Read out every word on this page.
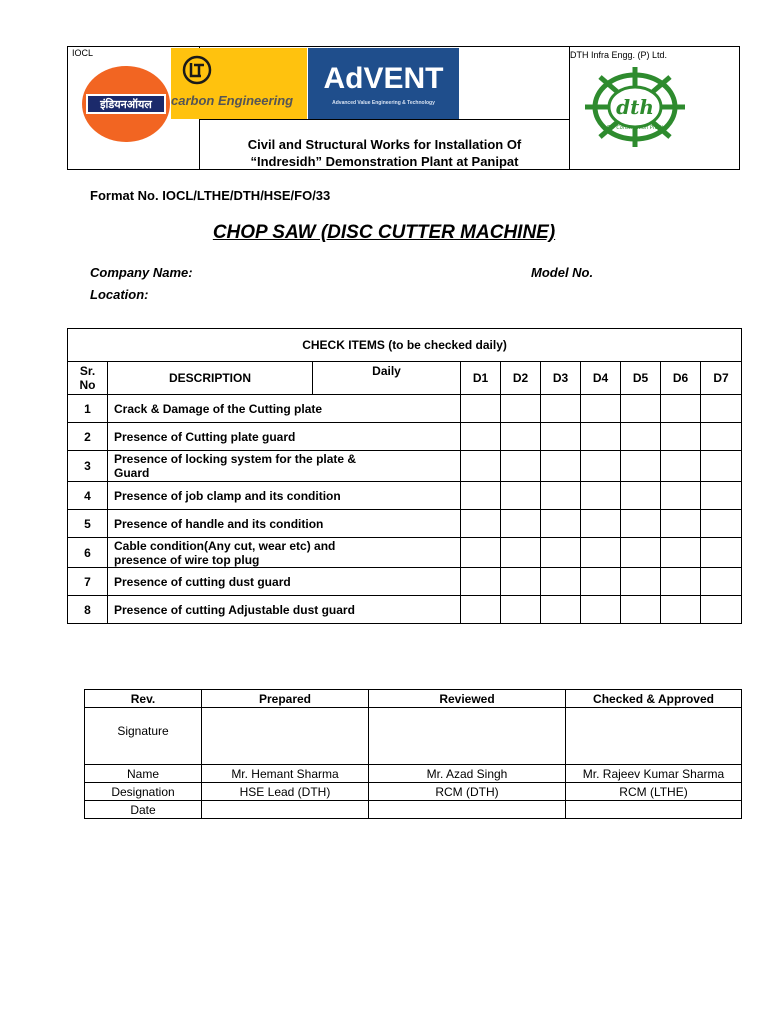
IOCL
इंडियनऑयल carbon Engineering
AdVENT
Advanced Value Engineering & Technology
DTH Infra Engg. (P) Ltd.
dth
For Construction Profit
Civil and Structural Works for Installation Of
“Indresidh” Demonstration Plant at Panipat
Format No. IOCL/LTHE/DTH/HSE/FO/33
CHOP SAW (DISC CUTTER MACHINE)
Company Name:	Model No.
Location:
CHECK ITEMS (to be checked daily)									
Sr.
No	DESCRIPTION	Daily	D1	D2	D3	D4	D5	D6	D7
1	Crack & Damage of the Cutting plate								

2	Presence of Cutting plate guard								

3	Presence of locking system for the plate & Guard								

4	Presence of job clamp and its condition								

5	Presence of handle and its condition								

6	Cable condition(Any cut, wear etc) and presence of wire top plug								

7	Presence of cutting dust guard								

8	Presence of cutting Adjustable dust guard								

Rev.	Prepared	Reviewed	Checked & Approved
Signature			
Name	Mr. Hemant Sharma	Mr. Azad Singh	Mr. Rajeev Kumar Sharma
Designation	HSE Lead (DTH)	RCM (DTH)	RCM (LTHE)
Date			
